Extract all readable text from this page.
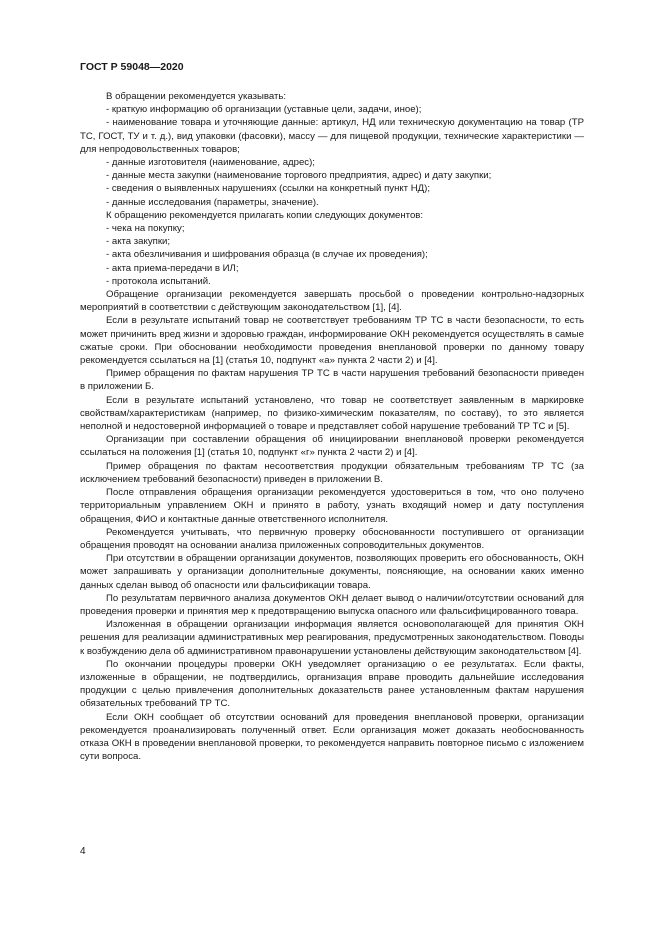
ГОСТ Р 59048—2020

В обращении рекомендуется указывать:

- краткую информацию об организации (уставные цели, задачи, иное);

- наименование товара и уточняющие данные: артикул, НД или техническую документацию на товар (ТР ТС, ГОСТ, ТУ и т. д.), вид упаковки (фасовки), массу — для пищевой продукции, технические характеристики — для непродовольственных товаров;

- данные изготовителя (наименование, адрес);

- данные места закупки (наименование торгового предприятия, адрес) и дату закупки;

- сведения о выявленных нарушениях (ссылки на конкретный пункт НД);

- данные исследования (параметры, значение).

К обращению рекомендуется прилагать копии следующих документов:

- чека на покупку;

- акта закупки;

- акта обезличивания и шифрования образца (в случае их проведения);

- акта приема-передачи в ИЛ;

- протокола испытаний.

Обращение организации рекомендуется завершать просьбой о проведении контрольно-надзорных мероприятий в соответствии с действующим законодательством [1], [4].

Если в результате испытаний товар не соответствует требованиям ТР ТС в части безопасности, то есть может причинить вред жизни и здоровью граждан, информирование ОКН рекомендуется осуществлять в самые сжатые сроки. При обосновании необходимости проведения внеплановой проверки по данному товару рекомендуется ссылаться на [1] (статья 10, подпункт «а» пункта 2 части 2) и [4].

Пример обращения по фактам нарушения ТР ТС в части нарушения требований безопасности приведен в приложении Б.

Если в результате испытаний установлено, что товар не соответствует заявленным в маркировке свойствам/характеристикам (например, по физико-химическим показателям, по составу), то это является неполной и недостоверной информацией о товаре и представляет собой нарушение требований ТР ТС и [5].

Организации при составлении обращения об инициировании внеплановой проверки рекомендуется ссылаться на положения [1] (статья 10, подпункт «г» пункта 2 части 2) и [4].

Пример обращения по фактам несоответствия продукции обязательным требованиям ТР ТС (за исключением требований безопасности) приведен в приложении В.

После отправления обращения организации рекомендуется удостовериться в том, что оно получено территориальным управлением ОКН и принято в работу, узнать входящий номер и дату поступления обращения, ФИО и контактные данные ответственного исполнителя.

Рекомендуется учитывать, что первичную проверку обоснованности поступившего от организации обращения проводят на основании анализа приложенных сопроводительных документов.

При отсутствии в обращении организации документов, позволяющих проверить его обоснованность, ОКН может запрашивать у организации дополнительные документы, поясняющие, на основании каких именно данных сделан вывод об опасности или фальсификации товара.

По результатам первичного анализа документов ОКН делает вывод о наличии/отсутствии оснований для проведения проверки и принятия мер к предотвращению выпуска опасного или фальсифицированного товара.

Изложенная в обращении организации информация является основополагающей для принятия ОКН решения для реализации административных мер реагирования, предусмотренных законодательством. Поводы к возбуждению дела об административном правонарушении установлены действующим законодательством [4].

По окончании процедуры проверки ОКН уведомляет организацию о ее результатах. Если факты, изложенные в обращении, не подтвердились, организация вправе проводить дальнейшие исследования продукции с целью привлечения дополнительных доказательств ранее установленным фактам нарушения обязательных требований ТР ТС.

Если ОКН сообщает об отсутствии оснований для проведения внеплановой проверки, организации рекомендуется проанализировать полученный ответ. Если организация может доказать необоснованность отказа ОКН в проведении внеплановой проверки, то рекомендуется направить повторное письмо с изложением сути вопроса.

4
